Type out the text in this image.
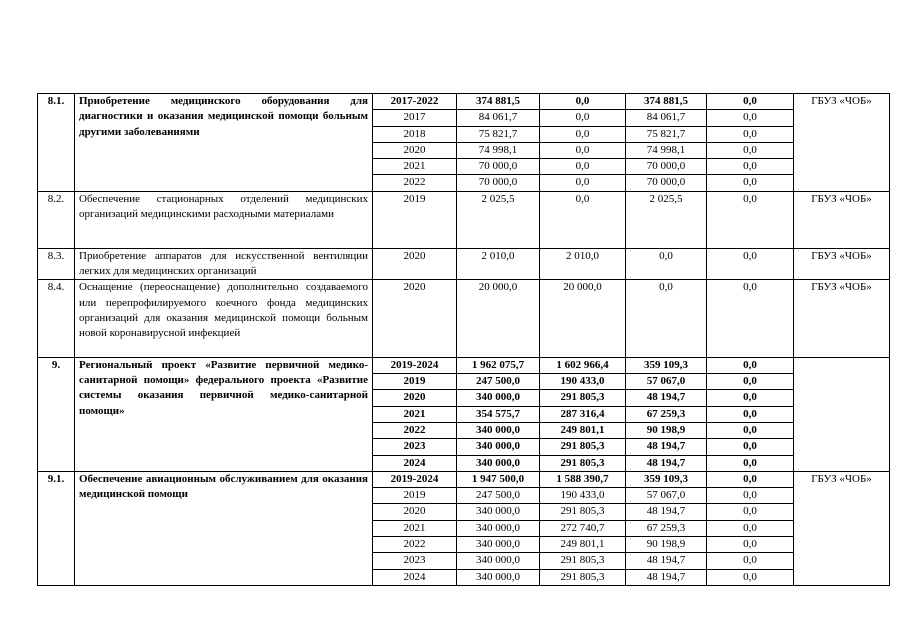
8.1.	Приобретение медицинского оборудования для диагностики и оказания медицинской помощи больным другими заболеваниями	2017-2022	374 881,5	0,0	374 881,5	0,0	ГБУЗ «ЧОБ»
		2017	84 061,7	0,0	84 061,7	0,0	
		2018	75 821,7	0,0	75 821,7	0,0	
		2020	74 998,1	0,0	74 998,1	0,0	
		2021	70 000,0	0,0	70 000,0	0,0	
		2022	70 000,0	0,0	70 000,0	0,0	
8.2.	Обеспечение стационарных отделений медицинских организаций медицинскими расходными материалами	2019	2 025,5	0,0	2 025,5	0,0	ГБУЗ «ЧОБ»
8.3.	Приобретение аппаратов для искусственной вентиляции легких для медицинских организаций	2020	2 010,0	2 010,0	0,0	0,0	ГБУЗ «ЧОБ»
8.4.	Оснащение (переоснащение) дополнительно создаваемого или перепрофилируемого коечного фонда медицинских организаций для оказания медицинской помощи больным новой коронавирусной инфекцией	2020	20 000,0	20 000,0	0,0	0,0	ГБУЗ «ЧОБ»
9.	Региональный проект «Развитие первичной медико-санитарной помощи» федерального проекта «Развитие системы оказания первичной медико-санитарной помощи»	2019-2024	1 962 075,7	1 602 966,4	359 109,3	0,0	
		2019	247 500,0	190 433,0	57 067,0	0,0	
		2020	340 000,0	291 805,3	48 194,7	0,0	
		2021	354 575,7	287 316,4	67 259,3	0,0	
		2022	340 000,0	249 801,1	90 198,9	0,0	
		2023	340 000,0	291 805,3	48 194,7	0,0	
		2024	340 000,0	291 805,3	48 194,7	0,0	
9.1.	Обеспечение авиационным обслуживанием для оказания медицинской помощи	2019-2024	1 947 500,0	1 588 390,7	359 109,3	0,0	ГБУЗ «ЧОБ»
		2019	247 500,0	190 433,0	57 067,0	0,0	
		2020	340 000,0	291 805,3	48 194,7	0,0	
		2021	340 000,0	272 740,7	67 259,3	0,0	
		2022	340 000,0	249 801,1	90 198,9	0,0	
		2023	340 000,0	291 805,3	48 194,7	0,0	
		2024	340 000,0	291 805,3	48 194,7	0,0	
